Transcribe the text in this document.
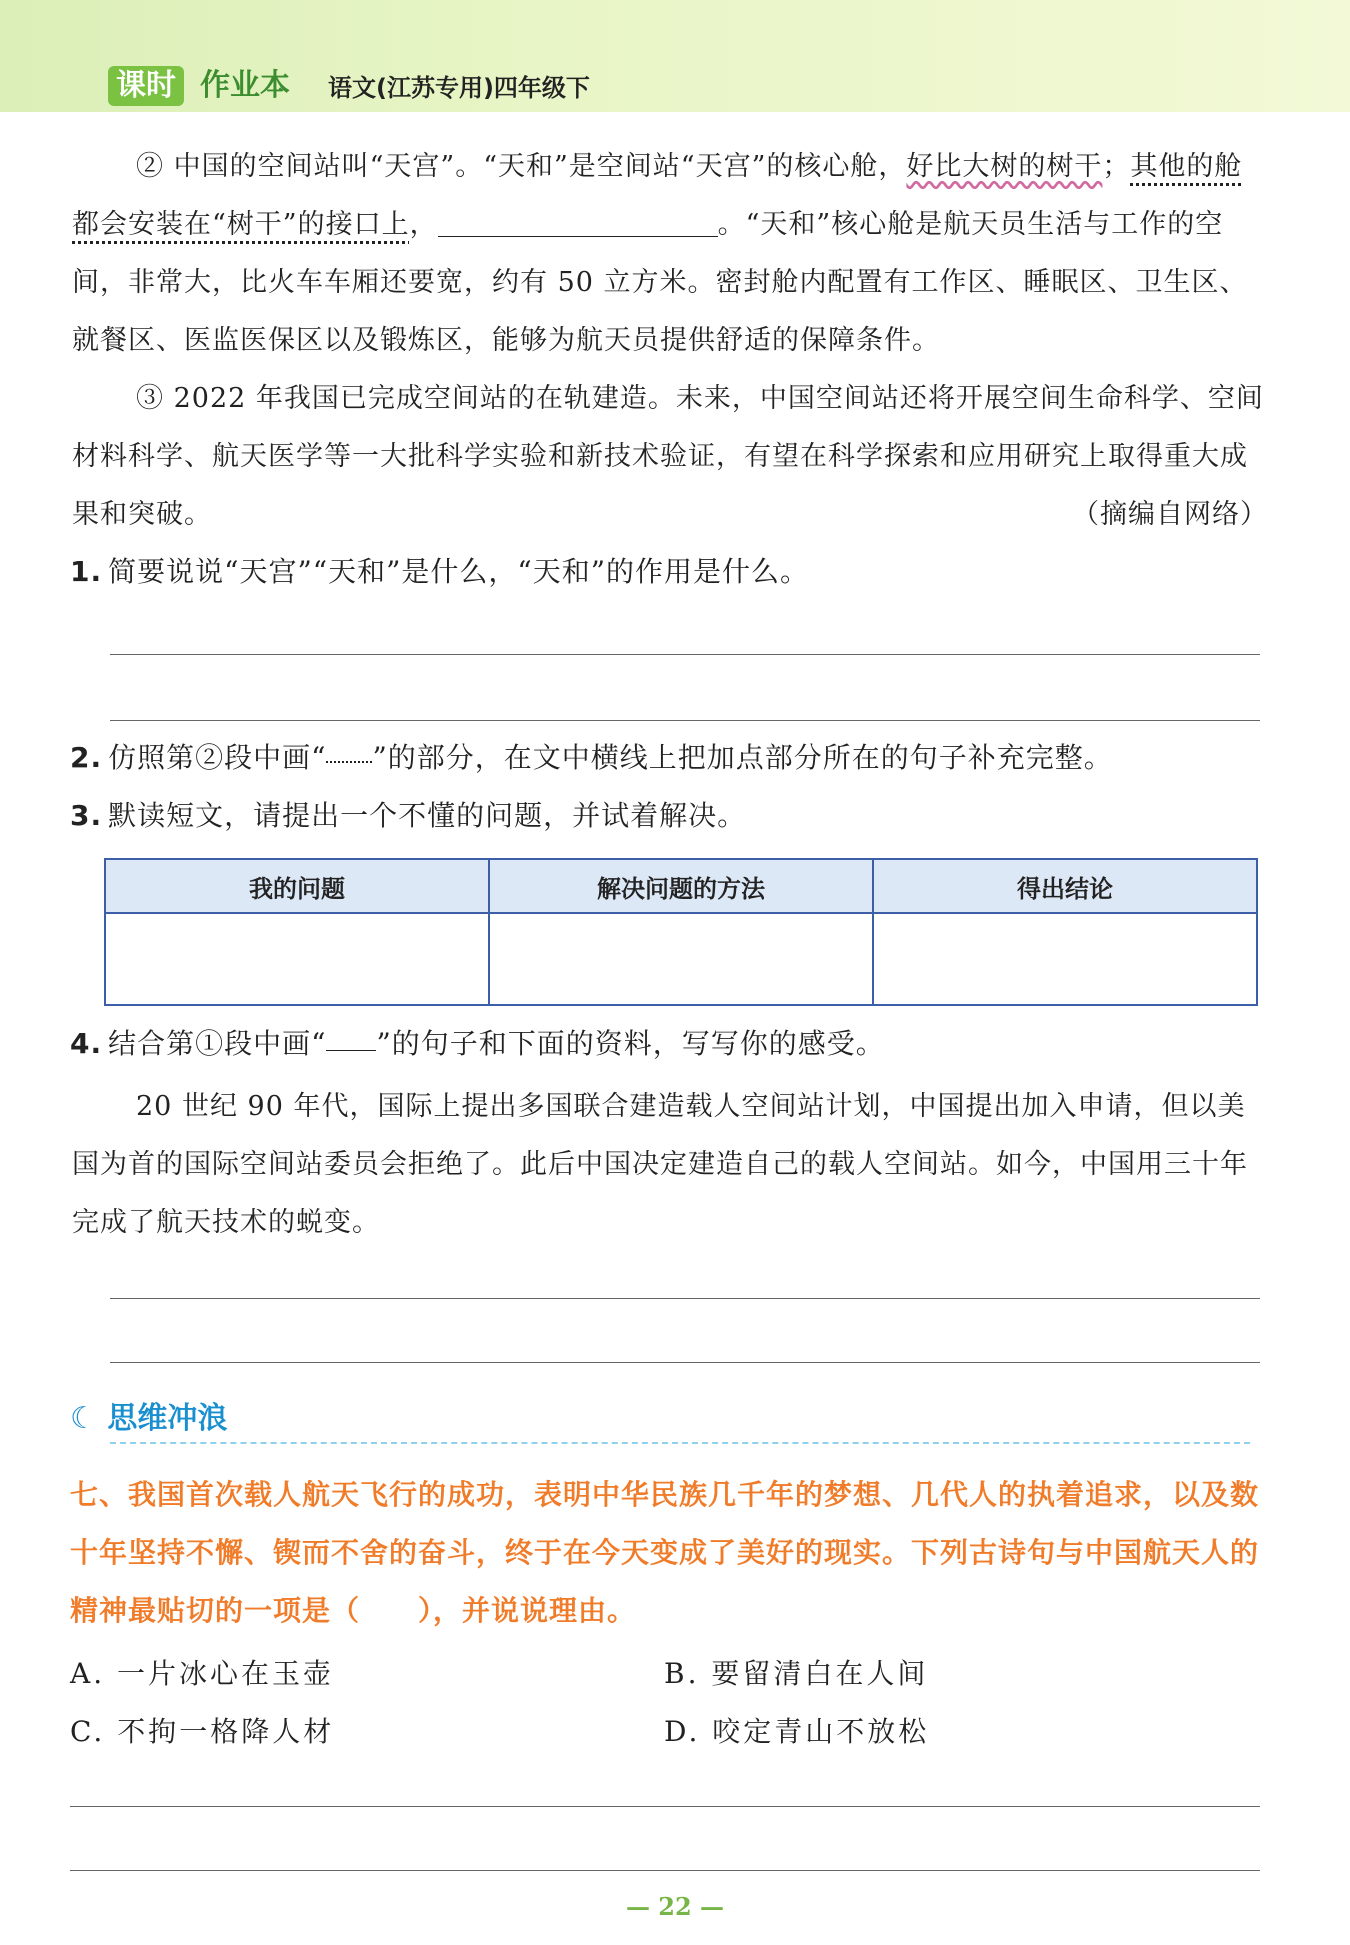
课时 作业本 语文(江苏专用)四年级下
② 中国的空间站叫“天宫”。“天和”是空间站“天宫”的核心舱，好比大树的树干；其他的舱都会安装在“树干”的接口上，	。“天和”核心舱是航天员生活与工作的空间，非常大，比火车车厢还要宽，约有 50 立方米。密封舱内配置有工作区、睡眠区、卫生区、就餐区、医监医保区以及锻炼区，能够为航天员提供舒适的保障条件。
③ 2022 年我国已完成空间站的在轨建造。未来，中国空间站还将开展空间生命科学、空间材料科学、航天医学等一大批科学实验和新技术验证，有望在科学探索和应用研究上取得重大成果和突破。	（摘编自网络）
1. 简要说说“天宫”“天和”是什么，“天和”的作用是什么。
2. 仿照第②段中画“ ”的部分，在文中横线上把加点部分所在的句子补充完整。
3. 默读短文，请提出一个不懂的问题，并试着解决。
我的问题	解决问题的方法	得出结论

4. 结合第①段中画“ ”的句子和下面的资料，写写你的感受。
20 世纪 90 年代，国际上提出多国联合建造载人空间站计划，中国提出加入申请，但以美国为首的国际空间站委员会拒绝了。此后中国决定建造自己的载人空间站。如今，中国用三十年完成了航天技术的蜕变。
☾ 思维冲浪
七、我国首次载人航天飞行的成功，表明中华民族几千年的梦想、几代人的执着追求，以及数十年坚持不懈、锲而不舍的奋斗，终于在今天变成了美好的现实。下列古诗句与中国航天人的精神最贴切的一项是（　　），并说说理由。
A. 一片冰心在玉壶	B. 要留清白在人间
C. 不拘一格降人材	D. 咬定青山不放松
— 22 —
